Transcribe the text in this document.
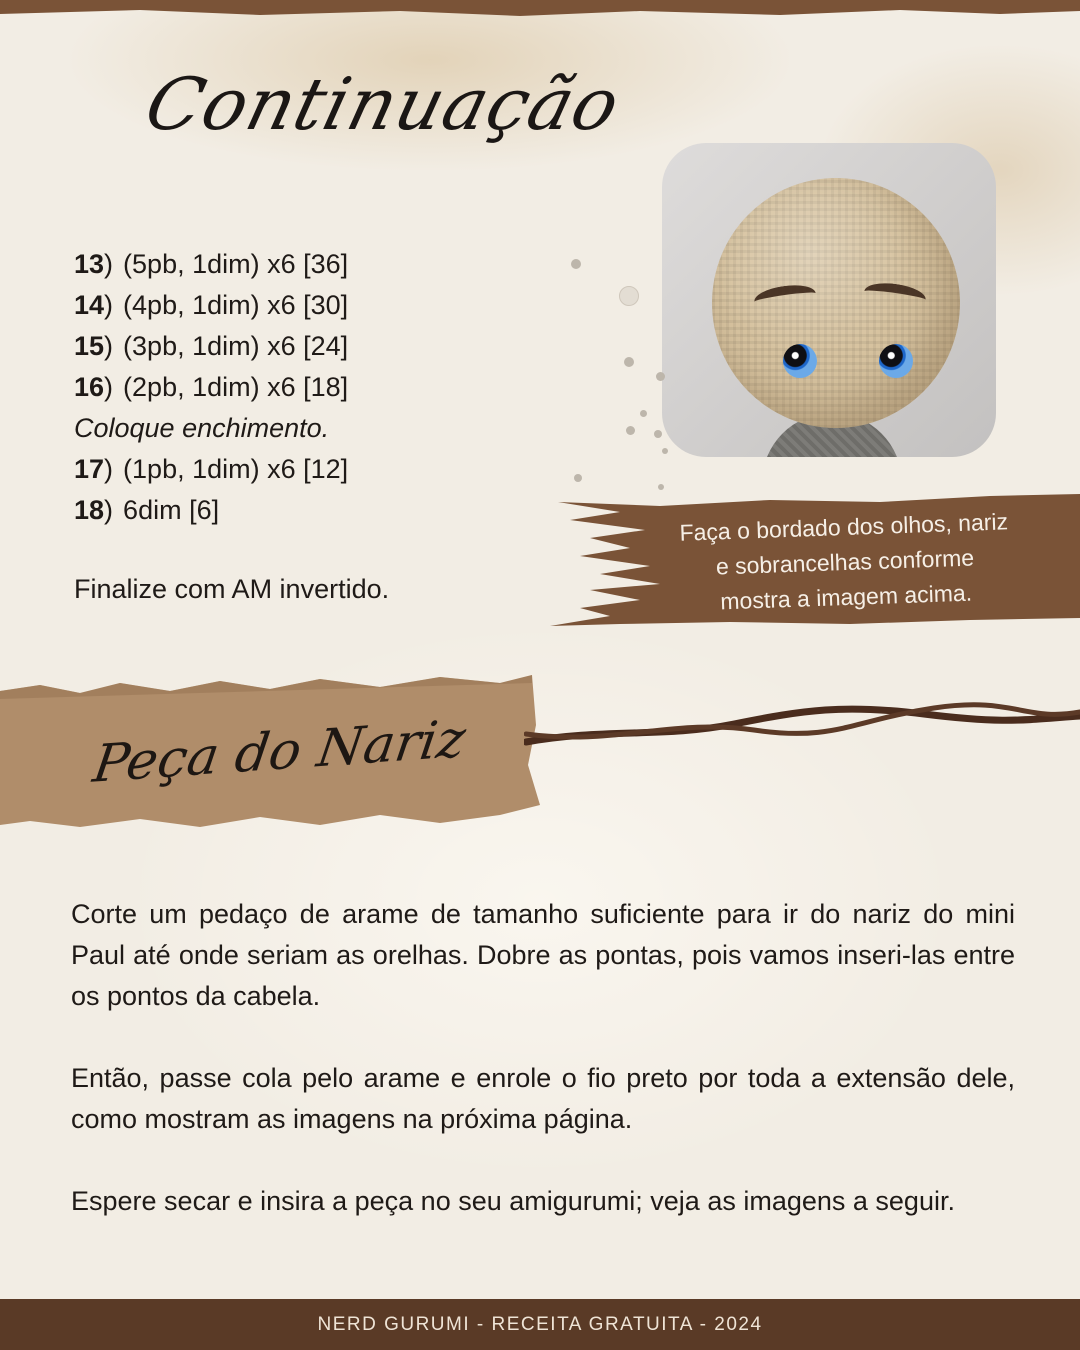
Continuação
13) (5pb, 1dim) x6 [36]
14) (4pb, 1dim) x6 [30]
15) (3pb, 1dim) x6 [24]
16) (2pb, 1dim) x6 [18]
Coloque enchimento.
17) (1pb, 1dim) x6 [12]
18) 6dim [6]
Finalize com AM invertido.
Faça o bordado dos olhos, nariz
e sobrancelhas conforme
mostra a imagem acima.
Peça do Nariz

Corte um pedaço de arame de tamanho suficiente para ir do nariz do mini Paul até onde seriam as orelhas. Dobre as pontas, pois vamos inseri-las entre os pontos da cabela.

Então, passe cola pelo arame e enrole o fio preto por toda a extensão dele, como mostram as imagens na próxima página.

Espere secar e insira a peça no seu amigurumi; veja as imagens a seguir.

NERD GURUMI - RECEITA GRATUITA - 2024
